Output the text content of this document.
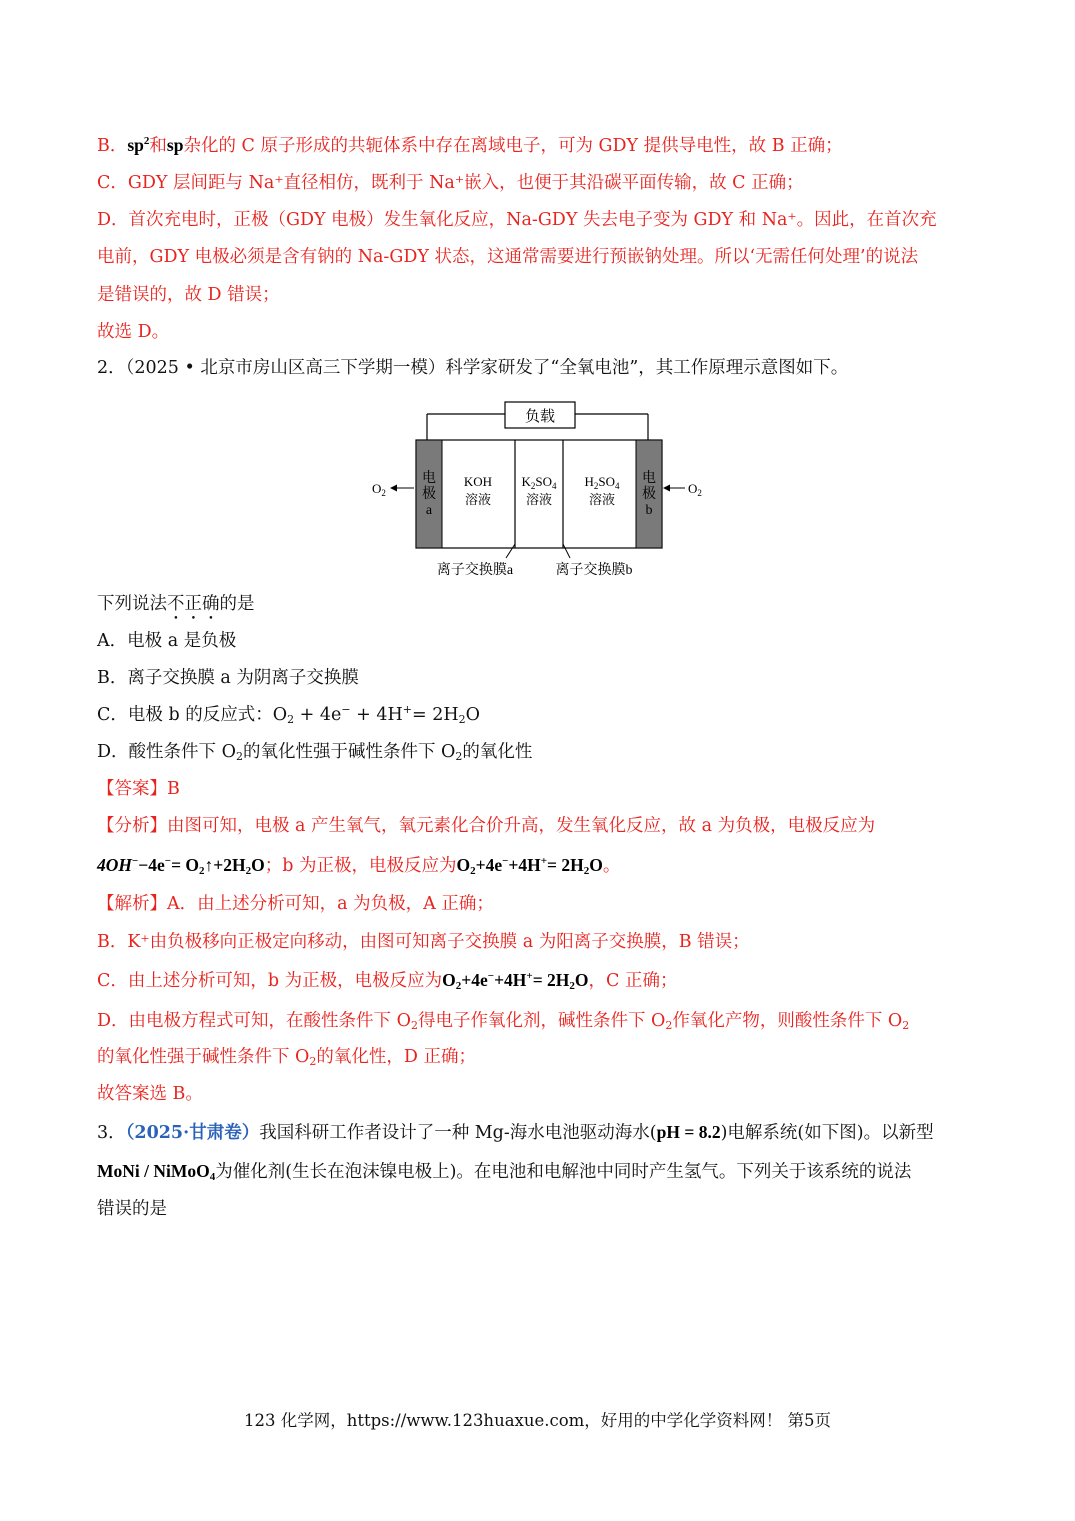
B．$sp^2$和sp杂化的 C 原子形成的共轭体系中存在离域电子，可为 GDY 提供导电性，故 B 正确；
C．GDY 层间距与 Na⁺直径相仿，既利于 Na⁺嵌入，也便于其沿碳平面传输，故 C 正确；
D．首次充电时，正极（GDY 电极）发生氧化反应，Na-GDY 失去电子变为 GDY 和 Na⁺。因此，在首次充
电前，GDY 电极必须是含有钠的 Na-GDY 状态，这通常需要进行预嵌钠处理。所以‘无需任何处理’的说法
是错误的，故 D 错误；
故选 D。
2．（2025 • 北京市房山区高三下学期一模）科学家研发了“全氧电池”，其工作原理示意图如下。
负载
电
极
a
电
极
b
KOH
溶液
$K_2SO_4$
溶液
$H_2SO_4$
溶液
$O_2$	$O_2$
离子交换膜a	离子交换膜b
下列说法不正确的是
A．电极 a 是负极
B．离子交换膜 a 为阴离子交换膜
C．电极 b 的反应式：$O_2 + 4e^- + 4H^+= 2H_2O$
D．酸性条件下 $O_2$的氧化性强于碱性条件下 $O_2$的氧化性
【答案】B
【分析】由图可知，电极 a 产生氧气，氧元素化合价升高，发生氧化反应，故 a 为负极，电极反应为
$4OH^--4e^-= O_2↑+2H_2O$；b 为正极，电极反应为$O_2+4e^-+4H^+= 2H_2O$。
【解析】A．由上述分析可知，a 为负极，A 正确；
B．K⁺由负极移向正极定向移动，由图可知离子交换膜 a 为阳离子交换膜，B 错误；
C．由上述分析可知，b 为正极，电极反应为$O_2+4e^-+4H^+= 2H_2O$，C 正确；
D．由电极方程式可知，在酸性条件下 $O_2$得电子作氧化剂，碱性条件下 $O_2$作氧化产物，则酸性条件下 $O_2$
的氧化性强于碱性条件下 $O_2$的氧化性，D 正确；
故答案选 B。
3．（2025·甘肃卷）我国科研工作者设计了一种 Mg-海水电池驱动海水(pH = 8.2)电解系统(如下图)。以新型
MoNi / NiMoO$_4$为催化剂(生长在泡沫镍电极上)。在电池和电解池中同时产生氢气。下列关于该系统的说法
错误的是
123 化学网，https://www.123huaxue.com，好用的中学化学资料网！ 第5页
